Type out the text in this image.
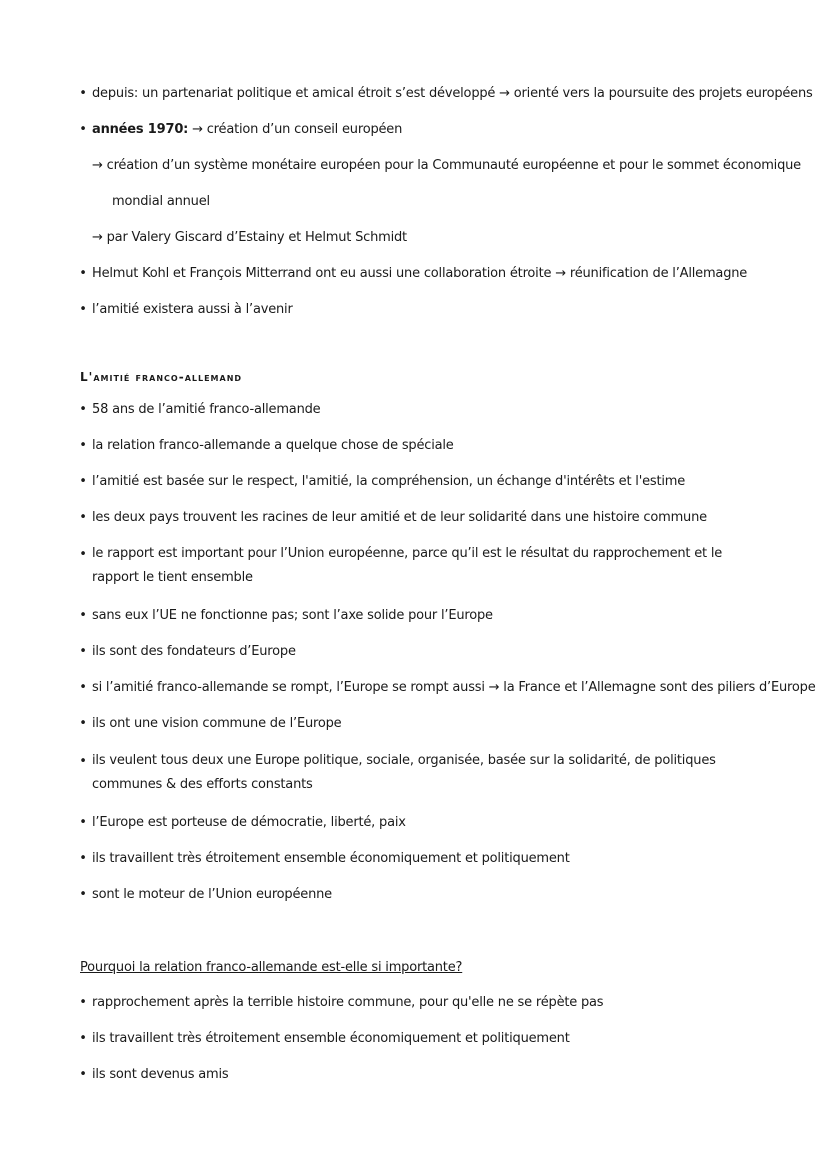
• depuis: un partenariat politique et amical étroit s’est développé → orienté vers la poursuite des projets européens
• années 1970: → création d’un conseil européen
→ création d’un système monétaire européen pour la Communauté européenne et pour le sommet économique
mondial annuel
→ par Valery Giscard d’Estainy et Helmut Schmidt
• Helmut Kohl et François Mitterrand ont eu aussi une collaboration étroite → réunification de l’Allemagne
• l’amitié existera aussi à l’avenir
L'amitié franco-allemand
• 58 ans de l’amitié franco-allemande
• la relation franco-allemande a quelque chose de spéciale
• l’amitié est basée sur le respect, l'amitié, la compréhension, un échange d'intérêts et l'estime
• les deux pays trouvent les racines de leur amitié et de leur solidarité dans une histoire commune
• le rapport est important pour l’Union européenne, parce qu’il est le résultat du rapprochement et le rapport le tient ensemble
• sans eux l’UE ne fonctionne pas; sont l’axe solide pour l’Europe
• ils sont des fondateurs d’Europe
• si l’amitié franco-allemande se rompt, l’Europe se rompt aussi → la France et l’Allemagne sont des piliers d’Europe
• ils ont une vision commune de l’Europe
• ils veulent tous deux une Europe politique, sociale, organisée, basée sur la solidarité, de politiques communes & des efforts constants
• l’Europe est porteuse de démocratie, liberté, paix
• ils travaillent très étroitement ensemble économiquement et politiquement
• sont le moteur de l’Union européenne
Pourquoi la relation franco-allemande est-elle si importante?
• rapprochement après la terrible histoire commune, pour qu'elle ne se répète pas
• ils travaillent très étroitement ensemble économiquement et politiquement
• ils sont devenus amis
